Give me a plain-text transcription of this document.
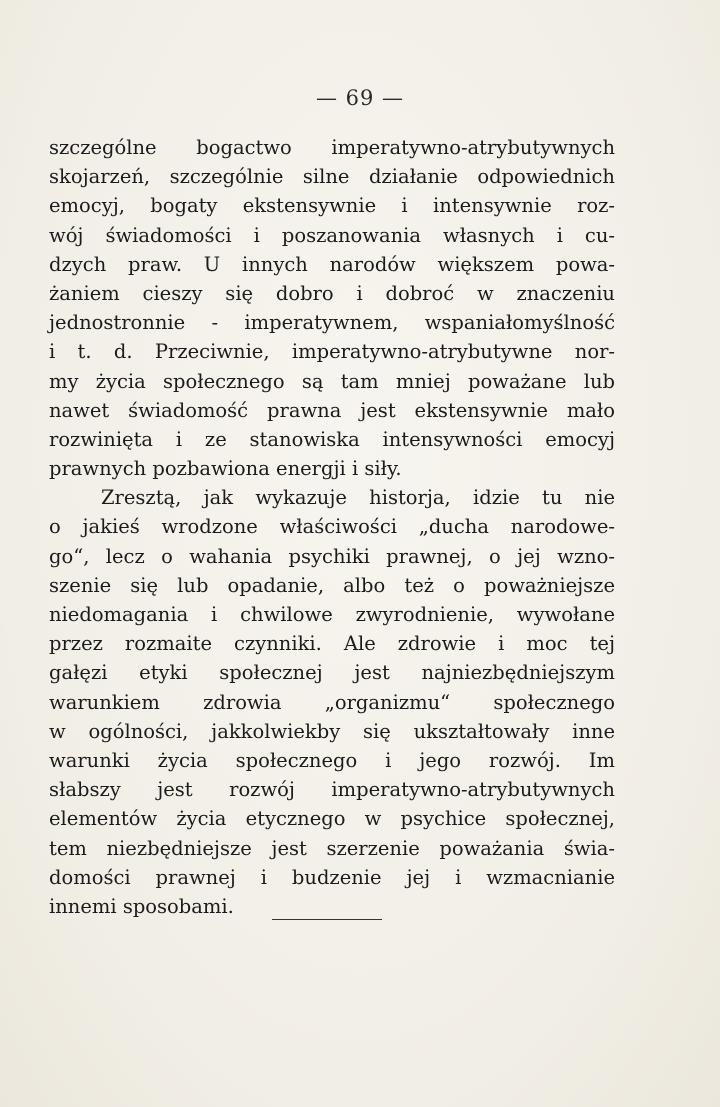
— 69 —
szczególne bogactwo imperatywno-atrybutywnych
skojarzeń, szczególnie silne działanie odpowiednich
emocyj, bogaty ekstensywnie i intensywnie roz-
wój świadomości i poszanowania własnych i cu-
dzych praw. U innych narodów większem powa-
żaniem cieszy się dobro i dobroć w znaczeniu
jednostronnie - imperatywnem, wspaniałomyślność
i t. d. Przeciwnie, imperatywno-atrybutywne nor-
my życia społecznego są tam mniej poważane lub
nawet świadomość prawna jest ekstensywnie mało
rozwinięta i ze stanowiska intensywności emocyj
prawnych pozbawiona energji i siły.
Zresztą, jak wykazuje historja, idzie tu nie
o jakieś wrodzone właściwości „ducha narodowe-
go“, lecz o wahania psychiki prawnej, o jej wzno-
szenie się lub opadanie, albo też o poważniejsze
niedomagania i chwilowe zwyrodnienie, wywołane
przez rozmaite czynniki. Ale zdrowie i moc tej
gałęzi etyki społecznej jest najniezbędniejszym
warunkiem zdrowia „organizmu“ społecznego
w ogólności, jakkolwiekby się ukształtowały inne
warunki życia społecznego i jego rozwój. Im
słabszy jest rozwój imperatywno-atrybutywnych
elementów życia etycznego w psychice społecznej,
tem niezbędniejsze jest szerzenie poważania świa-
domości prawnej i budzenie jej i wzmacnianie
innemi sposobami.
